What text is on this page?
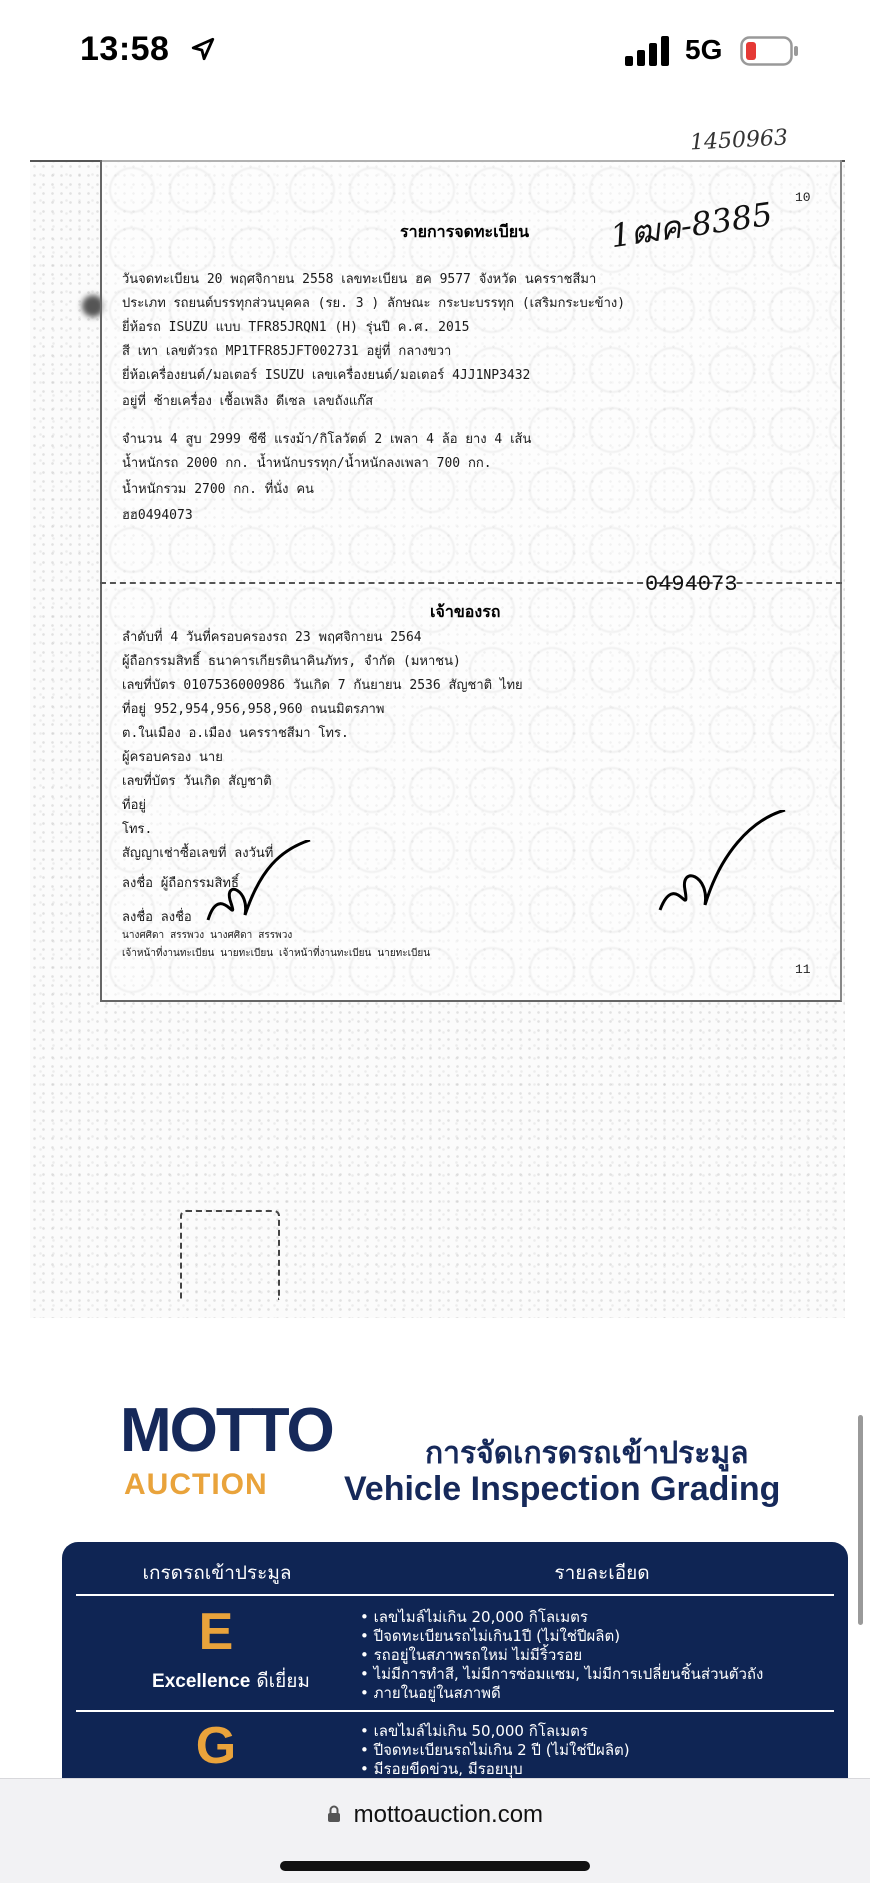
13:58	5G
1450963
10
รายการจดทะเบียน 1ฒค-8385
วันจดทะเบียน 20 พฤศจิกายน 2558 เลขทะเบียน ฮค 9577 จังหวัด นครราชสีมา
ประเภท รถยนต์บรรทุกส่วนบุคคล (รย. 3 ) ลักษณะ กระบะบรรทุก (เสริมกระบะข้าง)
ยี่ห้อรถ ISUZU แบบ TFR85JRQN1 (H) รุ่นปี ค.ศ. 2015
สี เทา เลขตัวรถ MP1TFR85JFT002731 อยู่ที่ กลางขวา
ยี่ห้อเครื่องยนต์/มอเตอร์ ISUZU เลขเครื่องยนต์/มอเตอร์ 4JJ1NP3432
อยู่ที่ ซ้ายเครื่อง เชื้อเพลิง ดีเซล เลขถังแก๊ส
จำนวน 4 สูบ 2999 ซีซี แรงม้า/กิโลวัตต์ 2 เพลา 4 ล้อ ยาง 4 เส้น
น้ำหนักรถ 2000 กก. น้ำหนักบรรทุก/น้ำหนักลงเพลา 700 กก.
น้ำหนักรวม 2700 กก. ที่นั่ง คน
ฮฮ0494073
0494073
เจ้าของรถ
ลำดับที่ 4 วันที่ครอบครองรถ 23 พฤศจิกายน 2564
ผู้ถือกรรมสิทธิ์ ธนาคารเกียรตินาคินภัทร, จำกัด (มหาชน)
เลขที่บัตร 0107536000986 วันเกิด 7 กันยายน 2536 สัญชาติ ไทย
ที่อยู่ 952,954,956,958,960 ถนนมิตรภาพ
ต.ในเมือง อ.เมือง นครราชสีมา โทร.
ผู้ครอบครอง นาย
เลขที่บัตร วันเกิด สัญชาติ
ที่อยู่
โทร.
สัญญาเช่าซื้อเลขที่ ลงวันที่
ลงชื่อ ผู้ถือกรรมสิทธิ์
ลงชื่อ ลงชื่อ
นางศศิดา สรรพวง นางศศิดา สรรพวง
เจ้าหน้าที่งานทะเบียน นายทะเบียน เจ้าหน้าที่งานทะเบียน นายทะเบียน
11
MOTTO
AUCTION
การจัดเกรดรถเข้าประมูล
Vehicle Inspection Grading
เกรดรถเข้าประมูล	รายละเอียด
E
Excellence ดีเยี่ยม
• เลขไมล์ไม่เกิน 20,000 กิโลเมตร
• ปีจดทะเบียนรถไม่เกิน1ปี (ไม่ใช่ปีผลิต)
• รถอยู่ในสภาพรถใหม่ ไม่มีริ้วรอย
• ไม่มีการทำสี, ไม่มีการซ่อมแซม, ไม่มีการเปลี่ยนชิ้นส่วนตัวถัง
• ภายในอยู่ในสภาพดี
G
•	เลขไมล์ไม่เกิน 50,000 กิโลเมตร
• ปีจดทะเบียนรถไม่เกิน 2 ปี (ไม่ใช่ปีผลิต)
• มีรอยขีดข่วน, มีรอยบุบ
mottoauction.com
